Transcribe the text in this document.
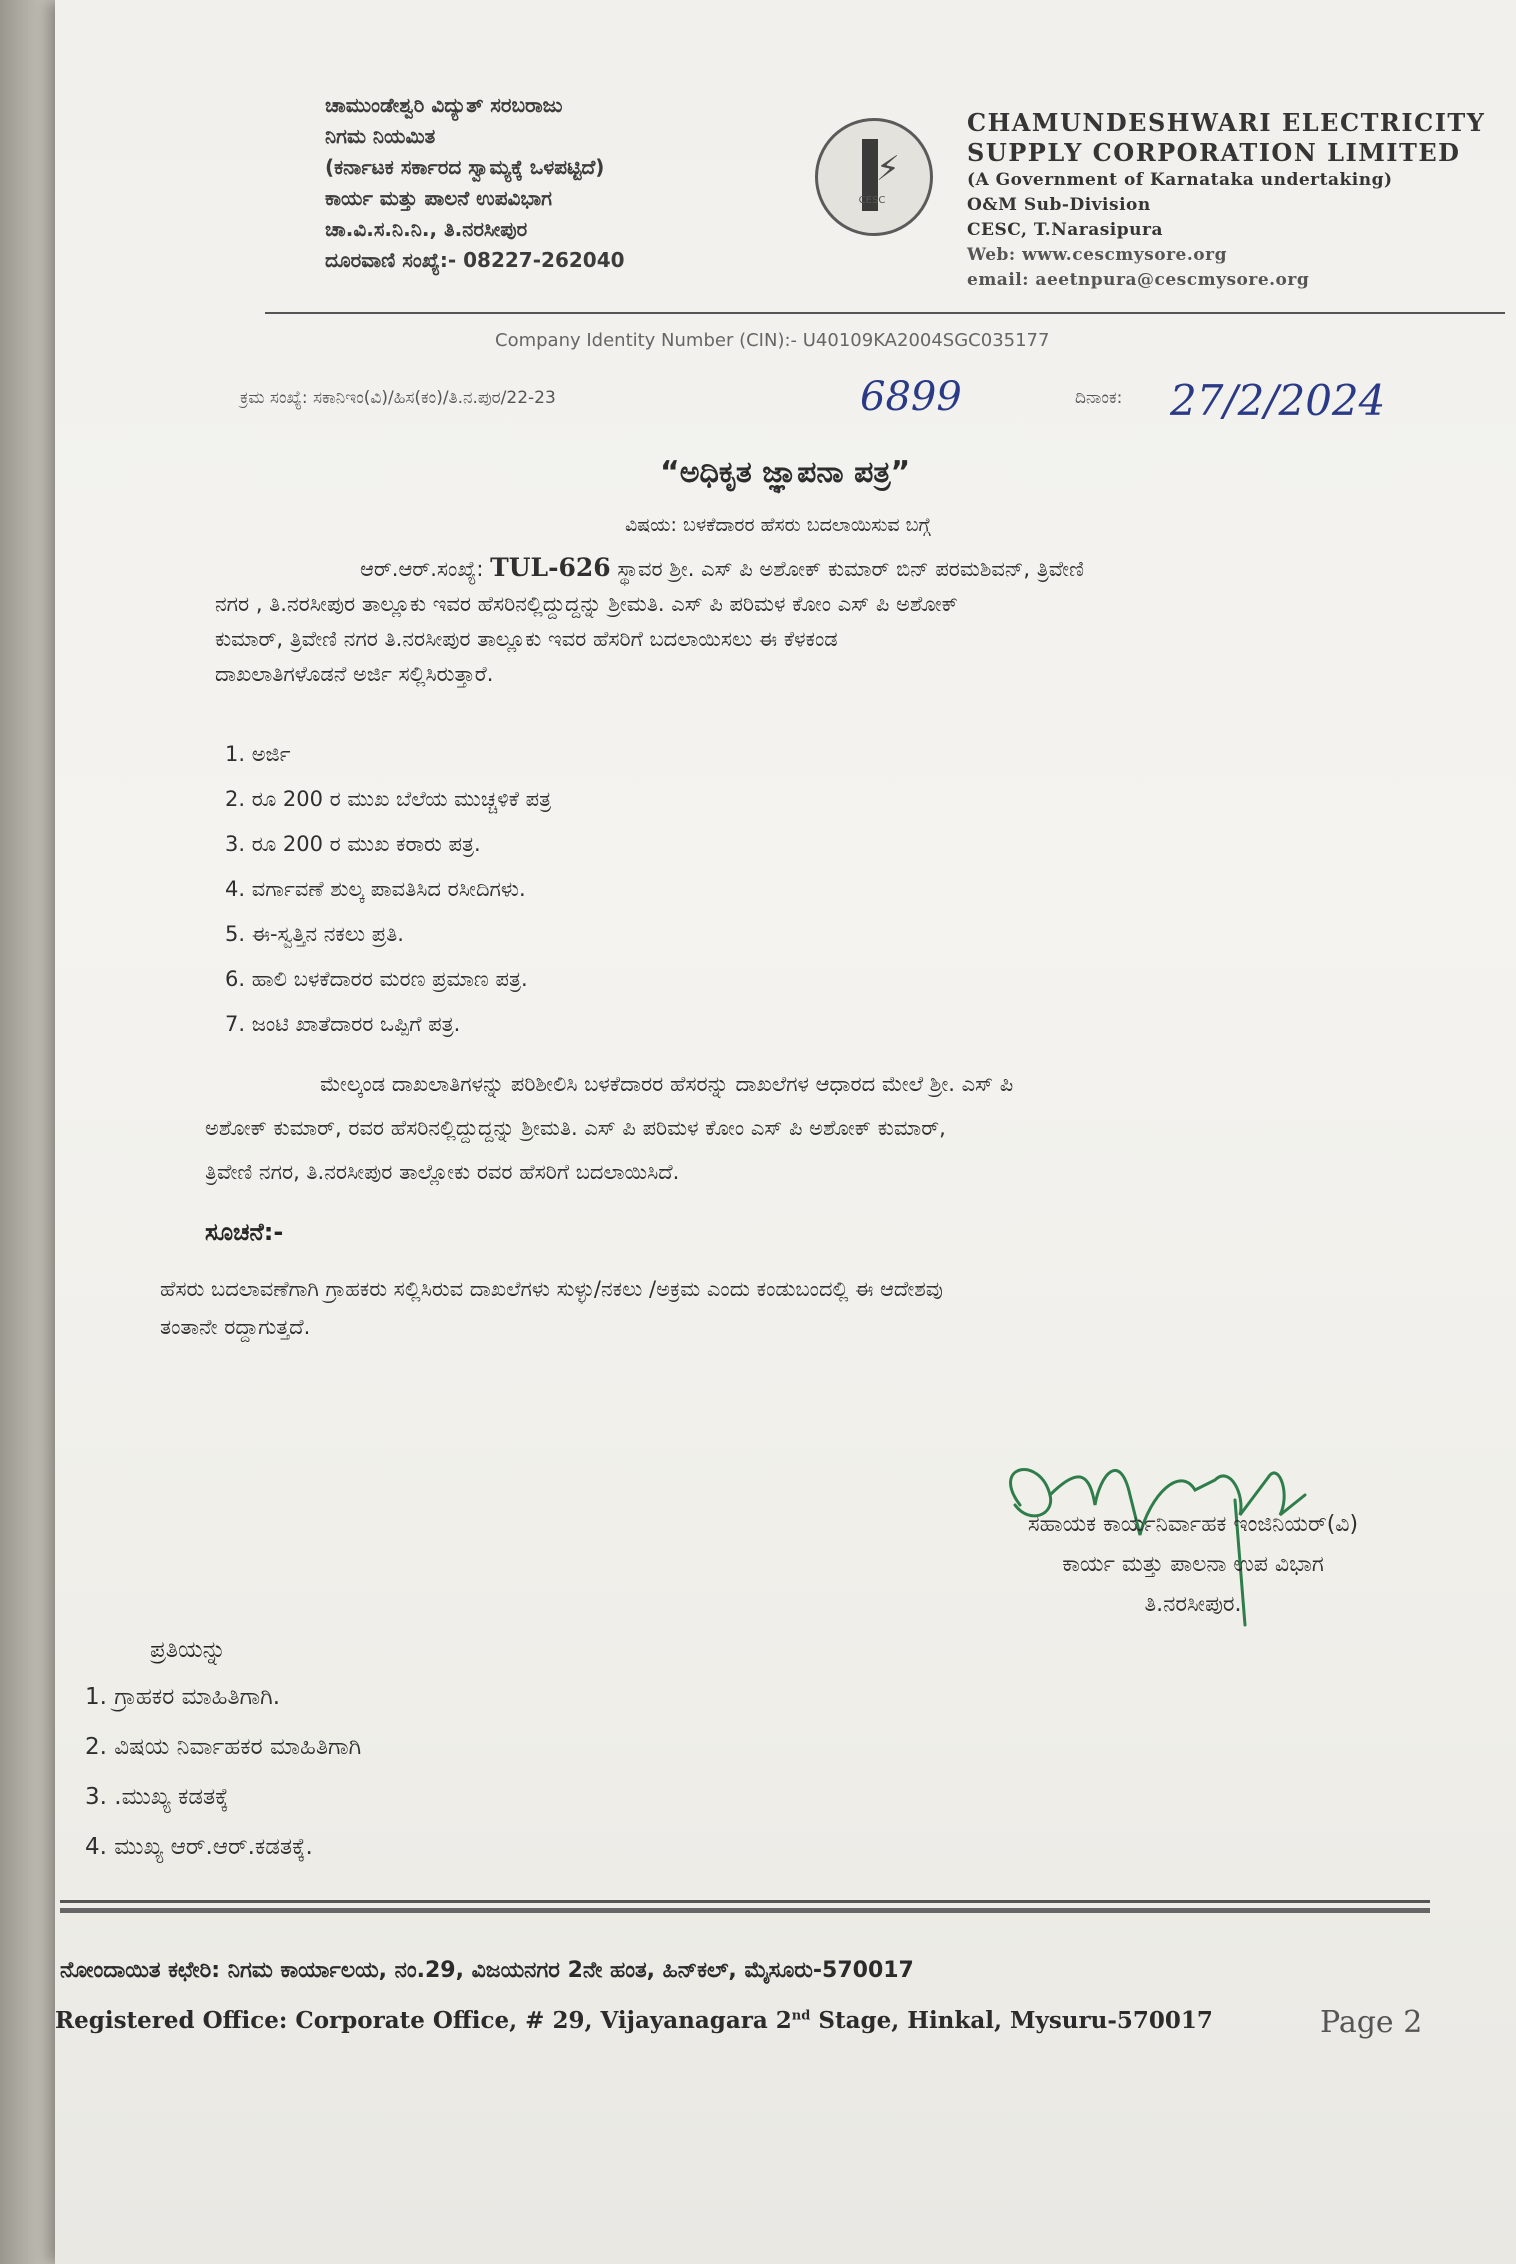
ಚಾಮುಂಡೇಶ್ವರಿ ವಿದ್ಯುತ್ ಸರಬರಾಜು
ನಿಗಮ ನಿಯಮಿತ
(ಕರ್ನಾಟಕ ಸರ್ಕಾರದ ಸ್ವಾಮ್ಯಕ್ಕೆ ಒಳಪಟ್ಟಿದೆ)
ಕಾರ್ಯ ಮತ್ತು ಪಾಲನೆ ಉಪವಿಭಾಗ
ಚಾ.ವಿ.ಸ.ನಿ.ನಿ., ತಿ.ನರಸೀಪುರ
ದೂರವಾಣಿ ಸಂಖ್ಯೆ:- 08227-262040
⚡
CESC
CHAMUNDESHWARI ELECTRICITY
SUPPLY CORPORATION LIMITED
(A Government of Karnataka undertaking)
O&M Sub-Division
CESC, T.Narasipura
Web: www.cescmysore.org
email: aeetnpura@cescmysore.org
Company Identity Number (CIN):- U40109KA2004SGC035177
ಕ್ರಮ ಸಂಖ್ಯೆ: ಸಕಾನಿಇಂ(ವಿ)/ಹಿಸ(ಕಂ)/ತಿ.ನ.ಪುರ/22-23	6899	ದಿನಾಂಕ: 27/2/2024
“ಅಧಿಕೃತ ಜ್ಞಾಪನಾ ಪತ್ರ”
ವಿಷಯ: ಬಳಕೆದಾರರ ಹೆಸರು ಬದಲಾಯಿಸುವ ಬಗ್ಗೆ
ಆರ್.ಆರ್.ಸಂಖ್ಯೆ: TUL-626 ಸ್ಥಾವರ ಶ್ರೀ. ಎಸ್ ಪಿ ಅಶೋಕ್ ಕುಮಾರ್ ಬಿನ್ ಪರಮಶಿವನ್, ತ್ರಿವೇಣಿ
ನಗರ , ತಿ.ನರಸೀಪುರ ತಾಲ್ಲೂಕು ಇವರ ಹೆಸರಿನಲ್ಲಿದ್ದುದ್ದನ್ನು ಶ್ರೀಮತಿ. ಎಸ್ ಪಿ ಪರಿಮಳ ಕೋಂ ಎಸ್ ಪಿ ಅಶೋಕ್
ಕುಮಾರ್, ತ್ರಿವೇಣಿ ನಗರ ತಿ.ನರಸೀಪುರ ತಾಲ್ಲೂಕು ಇವರ ಹೆಸರಿಗೆ ಬದಲಾಯಿಸಲು ಈ ಕೆಳಕಂಡ
ದಾಖಲಾತಿಗಳೊಡನೆ ಅರ್ಜಿ ಸಲ್ಲಿಸಿರುತ್ತಾರೆ.
1. ಅರ್ಜಿ
2. ರೂ 200 ರ ಮುಖ ಬೆಲೆಯ ಮುಚ್ಚಳಿಕೆ ಪತ್ರ
3. ರೂ 200 ರ ಮುಖ ಕರಾರು ಪತ್ರ.
4. ವರ್ಗಾವಣೆ ಶುಲ್ಕ ಪಾವತಿಸಿದ ರಸೀದಿಗಳು.
5. ಈ-ಸ್ವತ್ತಿನ ನಕಲು ಪ್ರತಿ.
6. ಹಾಲಿ ಬಳಕೆದಾರರ ಮರಣ ಪ್ರಮಾಣ ಪತ್ರ.
7. ಜಂಟಿ ಖಾತೆದಾರರ ಒಪ್ಪಿಗೆ ಪತ್ರ.
ಮೇಲ್ಕಂಡ ದಾಖಲಾತಿಗಳನ್ನು ಪರಿಶೀಲಿಸಿ ಬಳಕೆದಾರರ ಹೆಸರನ್ನು ದಾಖಲೆಗಳ ಆಧಾರದ ಮೇಲೆ ಶ್ರೀ. ಎಸ್ ಪಿ
ಅಶೋಕ್ ಕುಮಾರ್, ರವರ ಹೆಸರಿನಲ್ಲಿದ್ದುದ್ದನ್ನು ಶ್ರೀಮತಿ. ಎಸ್ ಪಿ ಪರಿಮಳ ಕೋಂ ಎಸ್ ಪಿ ಅಶೋಕ್ ಕುಮಾರ್,
ತ್ರಿವೇಣಿ ನಗರ, ತಿ.ನರಸೀಪುರ ತಾಲ್ಲೋಕು ರವರ ಹೆಸರಿಗೆ ಬದಲಾಯಿಸಿದೆ.
ಸೂಚನೆ:-
ಹೆಸರು ಬದಲಾವಣೆಗಾಗಿ ಗ್ರಾಹಕರು ಸಲ್ಲಿಸಿರುವ ದಾಖಲೆಗಳು ಸುಳ್ಳು/ನಕಲು /ಅಕ್ರಮ ಎಂದು ಕಂಡುಬಂದಲ್ಲಿ ಈ ಆದೇಶವು
ತಂತಾನೇ ರದ್ದಾಗುತ್ತದೆ.
ಸಹಾಯಕ ಕಾರ್ಯನಿರ್ವಾಹಕ ಇಂಜಿನಿಯರ್(ವಿ)
ಕಾರ್ಯ ಮತ್ತು ಪಾಲನಾ ಉಪ ವಿಭಾಗ
ತಿ.ನರಸೀಪುರ.
ಪ್ರತಿಯನ್ನು
1. ಗ್ರಾಹಕರ ಮಾಹಿತಿಗಾಗಿ.
2. ವಿಷಯ ನಿರ್ವಾಹಕರ ಮಾಹಿತಿಗಾಗಿ
3. .ಮುಖ್ಯ ಕಡತಕ್ಕೆ
4. ಮುಖ್ಯ ಆರ್.ಆರ್.ಕಡತಕ್ಕೆ.
ನೋಂದಾಯಿತ ಕಛೇರಿ: ನಿಗಮ ಕಾರ್ಯಾಲಯ, ನಂ.29, ವಿಜಯನಗರ 2ನೇ ಹಂತ, ಹಿನ್‌ಕಲ್, ಮೈಸೂರು-570017
Registered Office: Corporate Office, # 29, Vijayanagara 2nd Stage, Hinkal, Mysuru-570017	Page 2
